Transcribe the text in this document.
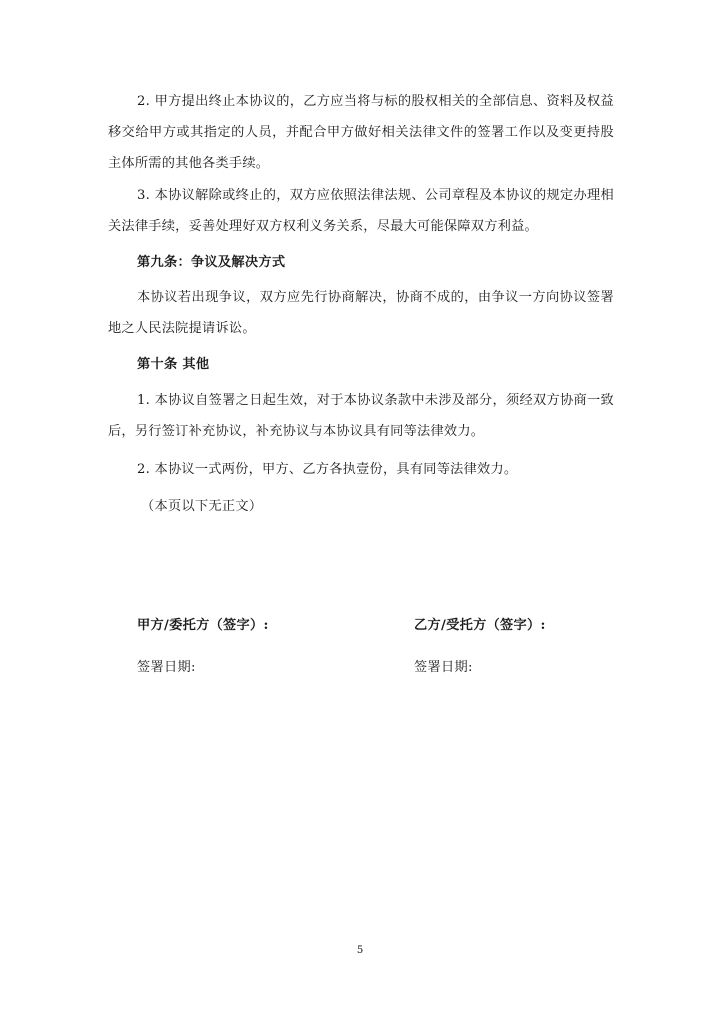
2. 甲方提出终止本协议的，乙方应当将与标的股权相关的全部信息、资料及权益移交给甲方或其指定的人员，并配合甲方做好相关法律文件的签署工作以及变更持股主体所需的其他各类手续。

3. 本协议解除或终止的，双方应依照法律法规、公司章程及本协议的规定办理相关法律手续，妥善处理好双方权利义务关系，尽最大可能保障双方利益。

第九条：争议及解决方式

本协议若出现争议，双方应先行协商解决，协商不成的，由争议一方向协议签署地之人民法院提请诉讼。

第十条 其他

1. 本协议自签署之日起生效，对于本协议条款中未涉及部分，须经双方协商一致后，另行签订补充协议，补充协议与本协议具有同等法律效力。

2. 本协议一式两份，甲方、乙方各执壹份，具有同等法律效力。

（本页以下无正文）

甲方/委托方（签字）:	乙方/受托方（签字）:

签署日期:	签署日期:

5
